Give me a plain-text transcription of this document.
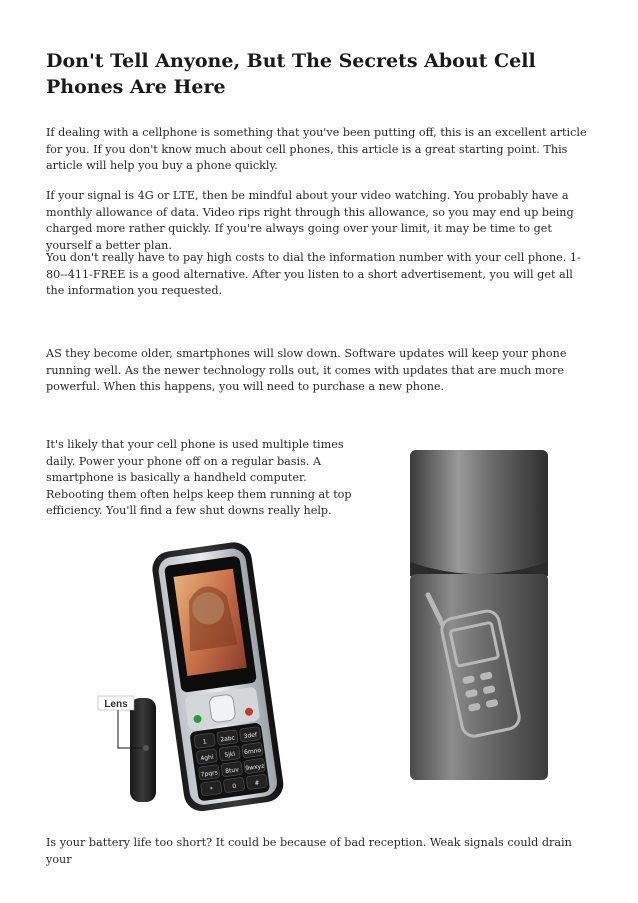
Don't Tell Anyone, But The Secrets About Cell Phones Are Here
If dealing with a cellphone is something that you've been putting off, this is an excellent article for you. If you don't know much about cell phones, this article is a great starting point. This article will help you buy a phone quickly.
If your signal is 4G or LTE, then be mindful about your video watching. You probably have a monthly allowance of data. Video rips right through this allowance, so you may end up being charged more rather quickly. If you're always going over your limit, it may be time to get yourself a better plan.
You don't really have to pay high costs to dial the information number with your cell phone. 1-80--411-FREE is a good alternative. After you listen to a short advertisement, you will get all the information you requested.
AS they become older, smartphones will slow down. Software updates will keep your phone running well. As the newer technology rolls out, it comes with updates that are much more powerful. When this happens, you will need to purchase a new phone.
It's likely that your cell phone is used multiple times daily. Power your phone off on a regular basis. A smartphone is basically a handheld computer. Rebooting them often helps keep them running at top efficiency. You'll find a few shut downs really help.
Lens
1 2abc 3def
4ghi 5jkl 6mno
7pqrs 8tuv 9wxyz
*	0	#
Is your battery life too short? It could be because of bad reception. Weak signals could drain your
